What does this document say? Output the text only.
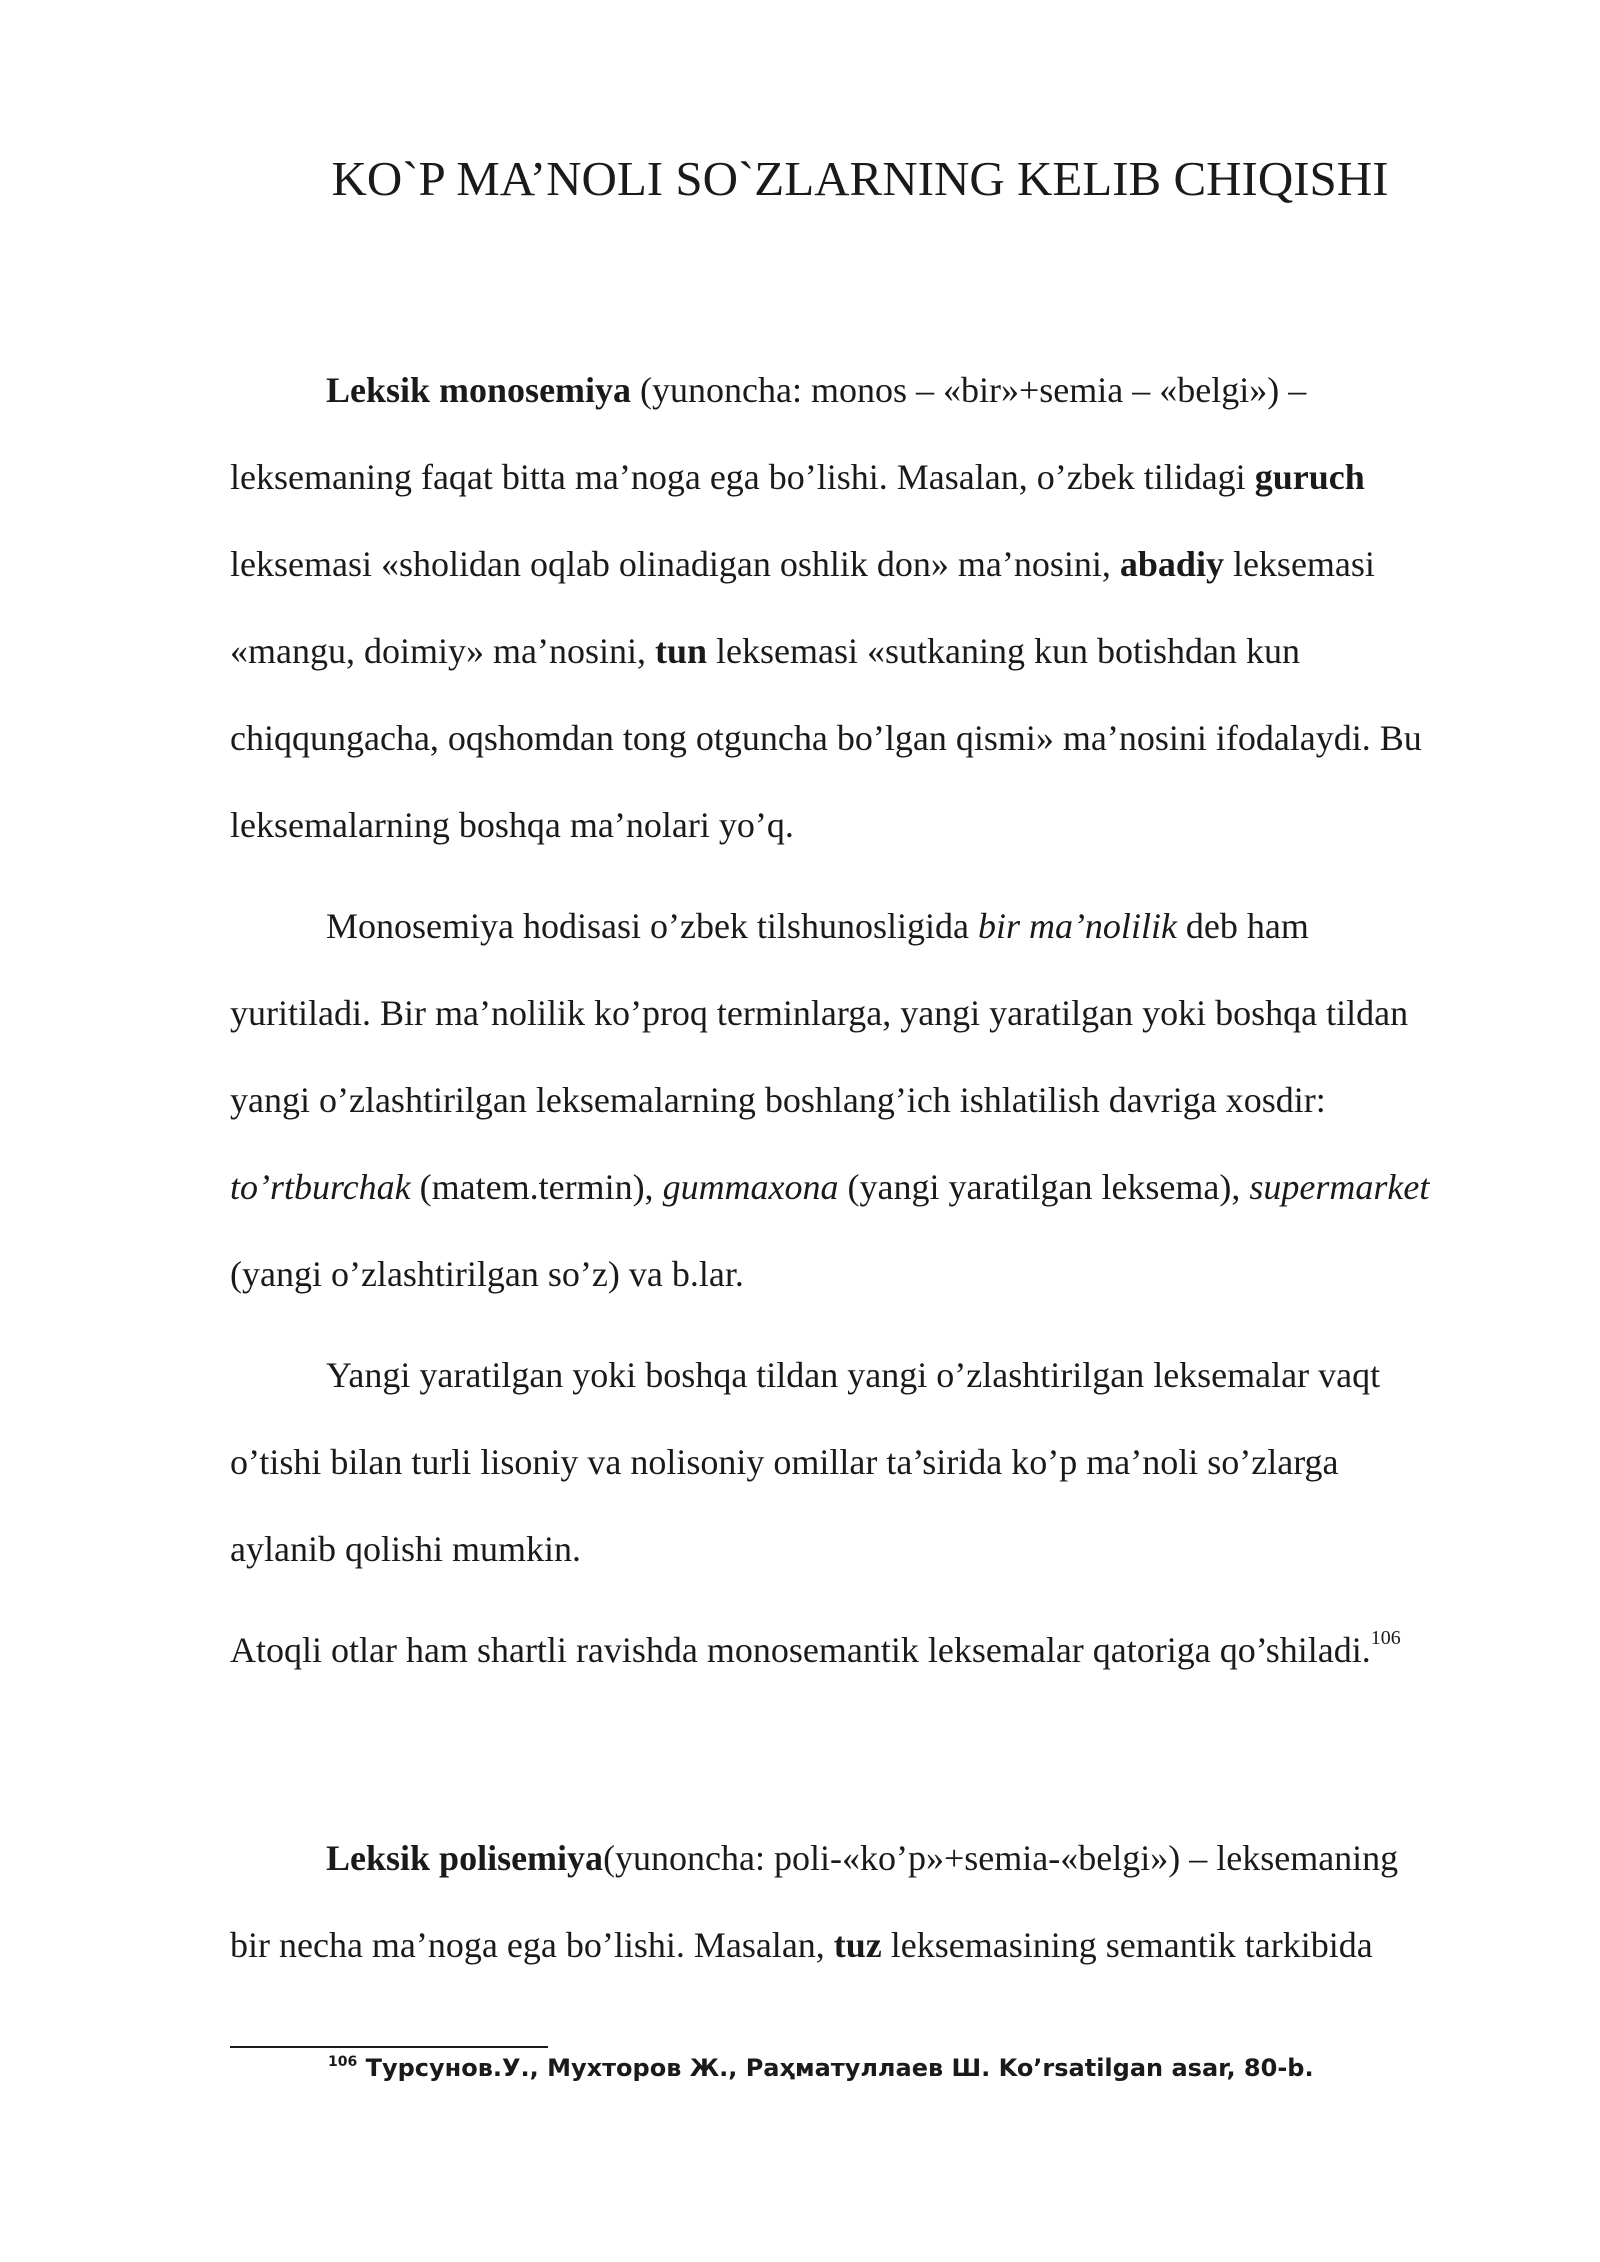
KO`P MA’NOLI SO`ZLARNING KELIB CHIQISHI

Leksik monosemiya (yunoncha: monos – «bir»+semia – «belgi») –
leksemaning faqat bitta ma’noga ega bo’lishi. Masalan, o’zbek tilidagi guruch
leksemasi «sholidan oqlab olinadigan oshlik don» ma’nosini, abadiy leksemasi
«mangu, doimiy» ma’nosini, tun leksemasi «sutkaning kun botishdan kun
chiqqungacha, oqshomdan tong otguncha bo’lgan qismi» ma’nosini ifodalaydi. Bu
leksemalarning boshqa ma’nolari yo’q.

Monosemiya hodisasi o’zbek tilshunosligida bir ma’nolilik deb ham
yuritiladi. Bir ma’nolilik ko’proq terminlarga, yangi yaratilgan yoki boshqa tildan
yangi o’zlashtirilgan leksemalarning boshlang’ich ishlatilish davriga xosdir:
to’rtburchak (matem.termin), gummaxona (yangi yaratilgan leksema), supermarket
(yangi o’zlashtirilgan so’z) va b.lar.

Yangi yaratilgan yoki boshqa tildan yangi o’zlashtirilgan leksemalar vaqt
o’tishi bilan turli lisoniy va nolisoniy omillar ta’sirida ko’p ma’noli so’zlarga
aylanib qolishi mumkin.

Atoqli otlar ham shartli ravishda monosemantik leksemalar qatoriga qo’shiladi.$^{106}$

Leksik polisemiya(yunoncha: poli-«ko’p»+semia-«belgi») – leksemaning
bir necha ma’noga ega bo’lishi. Masalan, tuz leksemasining semantik tarkibida

$^{106}$ Турсунов.У., Мухторов Ж., Раҳматуллаев Ш. Ko’rsatilgan asar, 80-b.
